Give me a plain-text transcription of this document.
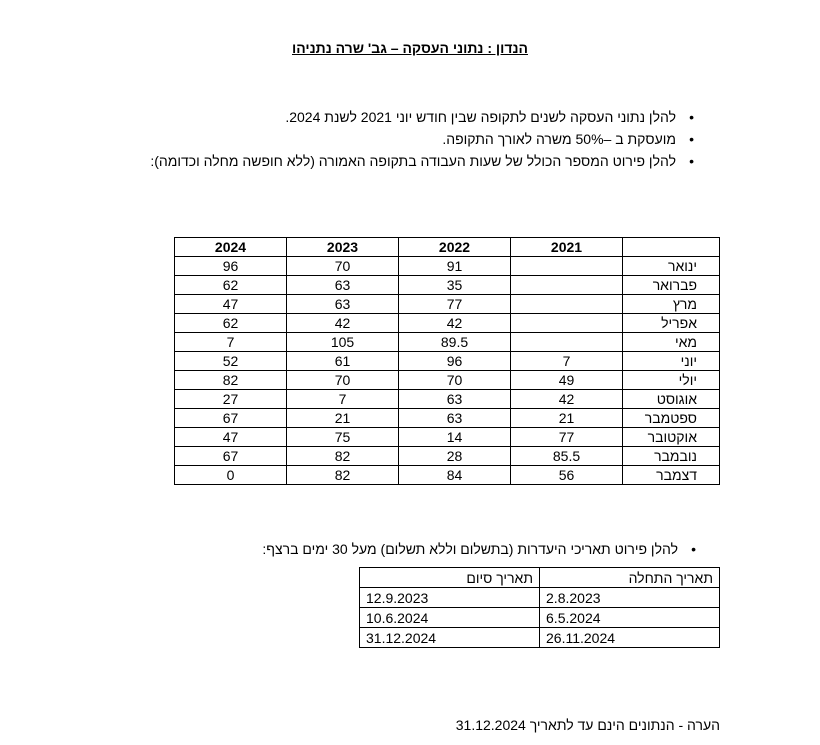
הנדון : נתוני העסקה – גב' שרה נתניהו
• להלן נתוני העסקה לשנים לתקופה שבין חודש יוני 2021 לשנת 2024.
• מועסקת ב –50% משרה לאורך התקופה.
• להלן פירוט המספר הכולל של שעות העבודה בתקופה האמורה (ללא חופשה מחלה וכדומה):
2024	2023	2022	2021	
96	70	91		ינואר
62	63	35		פברואר
47	63	77		מרץ
62	42	42		אפריל
7	105	89.5		מאי
52	61	96	7	יוני
82	70	70	49	יולי
27	7	63	42	אוגוסט
67	21	63	21	ספטמבר
47	75	14	77	אוקטובר
67	82	28	85.5	נובמבר
0	82	84	56	דצמבר
• להלן פירוט תאריכי היעדרות (בתשלום וללא תשלום) מעל 30 ימים ברצף:
תאריך התחלה	תאריך סיום
2.8.2023	12.9.2023
6.5.2024	10.6.2024
26.11.2024	31.12.2024
הערה - הנתונים הינם עד לתאריך 31.12.2024
